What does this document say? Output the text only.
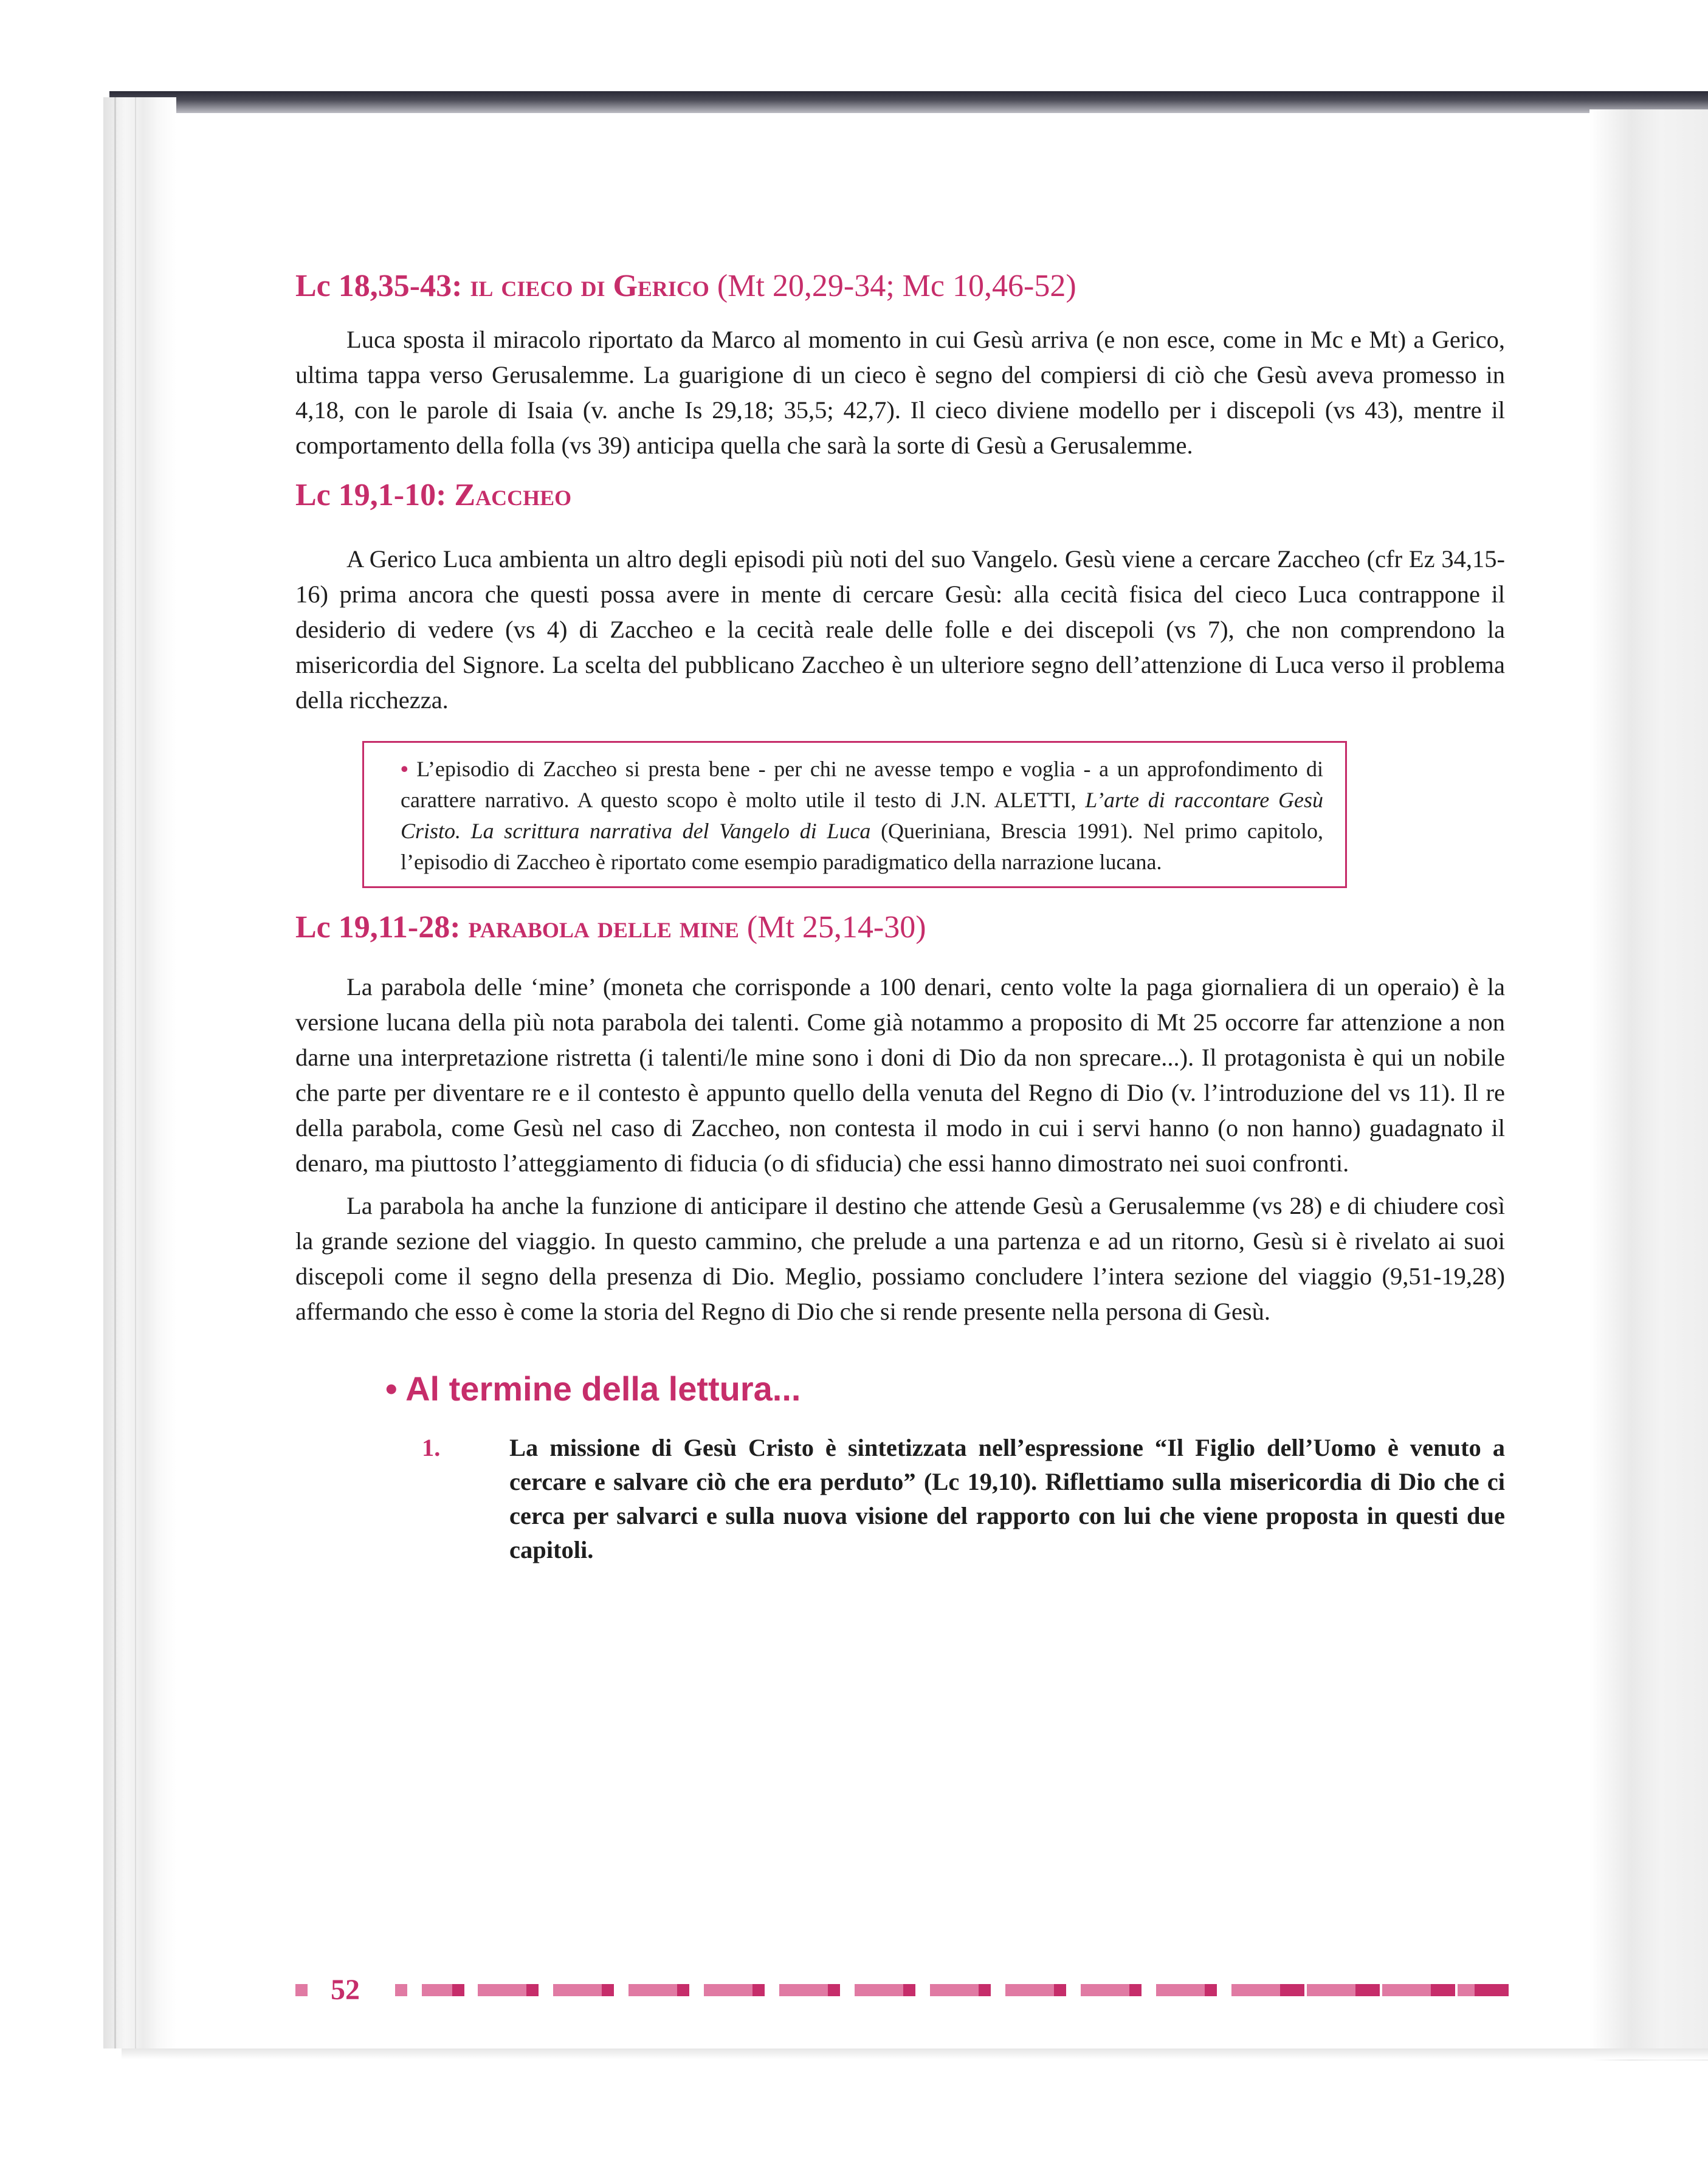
Lc 18,35-43: il cieco di Gerico (Mt 20,29-34; Mc 10,46-52)

Luca sposta il miracolo riportato da Marco al momento in cui Gesù arriva (e non esce, come in Mc e Mt) a Gerico, ultima tappa verso Gerusalemme. La guarigione di un cieco è segno del compiersi di ciò che Gesù aveva promesso in 4,18, con le parole di Isaia (v. anche Is 29,18; 35,5; 42,7). Il cieco diviene modello per i discepoli (vs 43), mentre il comportamento della folla (vs 39) anticipa quella che sarà la sorte di Gesù a Gerusalemme.

Lc 19,1-10: Zaccheo

A Gerico Luca ambienta un altro degli episodi più noti del suo Vangelo. Gesù viene a cercare Zaccheo (cfr Ez 34,15-16) prima ancora che questi possa avere in mente di cercare Gesù: alla cecità fisica del cieco Luca contrappone il desiderio di vedere (vs 4) di Zaccheo e la cecità reale delle folle e dei discepoli (vs 7), che non comprendono la misericordia del Signore. La scelta del pubblicano Zaccheo è un ulteriore segno dell’attenzione di Luca verso il problema della ricchezza.

• L’episodio di Zaccheo si presta bene - per chi ne avesse tempo e voglia - a un approfondimento di carattere narrativo. A questo scopo è molto utile il testo di J.N. ALETTI, L’arte di raccontare Gesù Cristo. La scrittura narrativa del Vangelo di Luca (Queriniana, Brescia 1991). Nel primo capitolo, l’episodio di Zaccheo è riportato come esempio paradigmatico della narrazione lucana.
Lc 19,11-28: parabola delle mine (Mt 25,14-30)

La parabola delle ‘mine’ (moneta che corrisponde a 100 denari, cento volte la paga giornaliera di un operaio) è la versione lucana della più nota parabola dei talenti. Come già notammo a proposito di Mt 25 occorre far attenzione a non darne una interpretazione ristretta (i talenti/le mine sono i doni di Dio da non sprecare...). Il protagonista è qui un nobile che parte per diventare re e il contesto è appunto quello della venuta del Regno di Dio (v. l’introduzione del vs 11). Il re della parabola, come Gesù nel caso di Zaccheo, non contesta il modo in cui i servi hanno (o non hanno) guadagnato il denaro, ma piuttosto l’atteggiamento di fiducia (o di sfiducia) che essi hanno dimostrato nei suoi confronti.

La parabola ha anche la funzione di anticipare il destino che attende Gesù a Gerusalemme (vs 28) e di chiudere così la grande sezione del viaggio. In questo cammino, che prelude a una partenza e ad un ritorno, Gesù si è rivelato ai suoi discepoli come il segno della presenza di Dio. Meglio, possiamo concludere l’intera sezione del viaggio (9,51-19,28) affermando che esso è come la storia del Regno di Dio che si rende presente nella persona di Gesù.

• Al termine della lettura...
1.	La missione di Gesù Cristo è sintetizzata nell’espressione “Il Figlio dell’Uomo è venuto a cercare e salvare ciò che era perduto” (Lc 19,10). Riflettiamo sulla misericordia di Dio che ci cerca per salvarci e sulla nuova visione del rapporto con lui che viene proposta in questi due capitoli.
52
